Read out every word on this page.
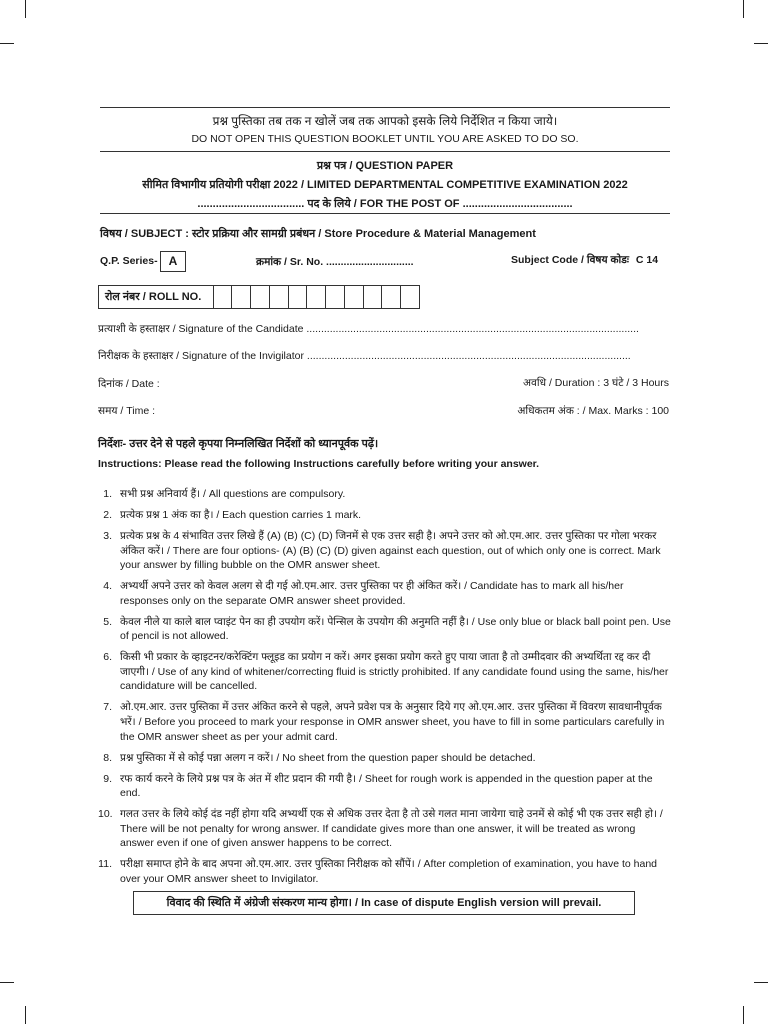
प्रश्न पुस्तिका तब तक न खोलें जब तक आपको इसके लिये निर्देशित न किया जाये।
DO NOT OPEN THIS QUESTION BOOKLET UNTIL YOU ARE ASKED TO DO SO.
प्रश्न पत्र / QUESTION PAPER
सीमित विभागीय प्रतियोगी परीक्षा 2022 / LIMITED DEPARTMENTAL COMPETITIVE EXAMINATION 2022
................................... पद के लिये / FOR THE POST OF ....................................
विषय / SUBJECT : स्टोर प्रक्रिया और सामग्री प्रबंधन / Store Procedure & Material Management
Q.P. Series- A	क्रमांक / Sr. No. ..............................	Subject Code / विषय कोडः C 14
रोल नंबर / ROLL NO.
प्रत्याशी के हस्ताक्षर / Signature of the Candidate ..................................................................................................................
निरीक्षक के हस्ताक्षर / Signature of the Invigilator ...............................................................................................................
दिनांक / Date :	अवधि / Duration : 3 घंटे / 3 Hours
समय / Time :	अधिकतम अंक : / Max. Marks : 100
निर्देशः- उत्तर देने से पहले कृपया निम्नलिखित निर्देशों को ध्यानपूर्वक पढ़ें।
Instructions: Please read the following Instructions carefully before writing your answer.
1. सभी प्रश्न अनिवार्य हैं। / All questions are compulsory.
2. प्रत्येक प्रश्न 1 अंक का है। / Each question carries 1 mark.
3. प्रत्येक प्रश्न के 4 संभावित उत्तर लिखे हैं (A) (B) (C) (D) जिनमें से एक उत्तर सही है। अपने उत्तर को ओ.एम.आर. उत्तर पुस्तिका पर गोला भरकर अंकित करें। / There are four options- (A) (B) (C) (D) given against each question, out of which only one is correct. Mark your answer by filling bubble on the OMR answer sheet.
4. अभ्यर्थी अपने उत्तर को केवल अलग से दी गई ओ.एम.आर. उत्तर पुस्तिका पर ही अंकित करें। / Candidate has to mark all his/her responses only on the separate OMR answer sheet provided.
5. केवल नीले या काले बाल प्वाइंट पेन का ही उपयोग करें। पेन्सिल के उपयोग की अनुमति नहीं है। / Use only blue or black ball point pen. Use of pencil is not allowed.
6. किसी भी प्रकार के व्हाइटनर/करेक्टिंग फ्लूइड का प्रयोग न करें। अगर इसका प्रयोग करते हुए पाया जाता है तो उम्मीदवार की अभ्यर्थिता रद्द कर दी जाएगी। / Use of any kind of whitener/correcting fluid is strictly prohibited. If any candidate found using the same, his/her candidature will be cancelled.
7. ओ.एम.आर. उत्तर पुस्तिका में उत्तर अंकित करने से पहले, अपने प्रवेश पत्र के अनुसार दिये गए ओ.एम.आर. उत्तर पुस्तिका में विवरण सावधानीपूर्वक भरें। / Before you proceed to mark your response in OMR answer sheet, you have to fill in some particulars carefully in the OMR answer sheet as per your admit card.
8. प्रश्न पुस्तिका में से कोई पन्ना अलग न करें। / No sheet from the question paper should be detached.
9. रफ कार्य करने के लिये प्रश्न पत्र के अंत में शीट प्रदान की गयी है। / Sheet for rough work is appended in the question paper at the end.
10. गलत उत्तर के लिये कोई दंड नहीं होगा यदि अभ्यर्थी एक से अधिक उत्तर देता है तो उसे गलत माना जायेगा चाहे उनमें से कोई भी एक उत्तर सही हो। / There will be not penalty for wrong answer. If candidate gives more than one answer, it will be treated as wrong answer even if one of given answer happens to be correct.
11. परीक्षा समाप्त होने के बाद अपना ओ.एम.आर. उत्तर पुस्तिका निरीक्षक को सौंपें। / After completion of examination, you have to hand over your OMR answer sheet to Invigilator.
विवाद की स्थिति में अंग्रेजी संस्करण मान्य होगा। / In case of dispute English version will prevail.
